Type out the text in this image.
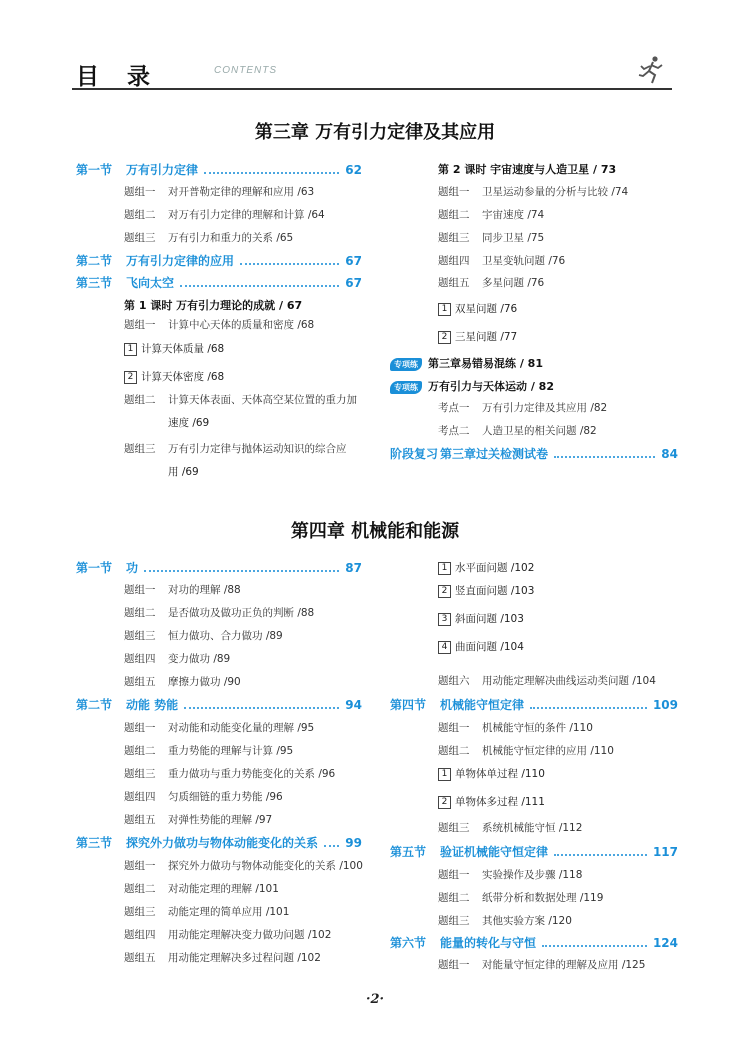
目 录	CONTENTS
第三章 万有引力定律及其应用
第一节	万有引力定律	62
题组一 对开普勒定律的理解和应用 /63
题组二 对万有引力定律的理解和计算 /64
题组三 万有引力和重力的关系 /65
第二节	万有引力定律的应用	67
第三节	飞向太空	67
第 1 课时 万有引力理论的成就 / 67
题组一 计算中心天体的质量和密度 /68
1 计算天体质量 /68
2 计算天体密度 /68
题组二 计算天体表面、天体高空某位置的重力加
速度 /69
题组三 万有引力定律与抛体运动知识的综合应
用 /69
第 2 课时 宇宙速度与人造卫星 / 73
题组一 卫星运动参量的分析与比较 /74
题组二 宇宙速度 /74
题组三 同步卫星 /75
题组四 卫星变轨问题 /76
题组五 多星问题 /76
1 双星问题 /76
2 三星问题 /77
专项练 第三章易错易混练 / 81
专项练 万有引力与天体运动 / 82
考点一 万有引力定律及其应用 /82
考点二 人造卫星的相关问题 /82
阶段复习 第三章过关检测试卷	84
第四章 机械能和能源
第一节	功	87
题组一 对功的理解 /88
题组二 是否做功及做功正负的判断 /88
题组三 恒力做功、合力做功 /89
题组四 变力做功 /89
题组五 摩擦力做功 /90
第二节	动能 势能	94
题组一 对动能和动能变化量的理解 /95
题组二 重力势能的理解与计算 /95
题组三 重力做功与重力势能变化的关系 /96
题组四 匀质细链的重力势能 /96
题组五 对弹性势能的理解 /97
第三节	探究外力做功与物体动能变化的关系 99
题组一 探究外力做功与物体动能变化的关系 /100
题组二 对动能定理的理解 /101
题组三 动能定理的简单应用 /101
题组四 用动能定理解决变力做功问题 /102
题组五 用动能定理解决多过程问题 /102
1 水平面问题 /102
2 竖直面问题 /103
3 斜面问题 /103
4 曲面问题 /104
题组六 用动能定理解决曲线运动类问题 /104
第四节	机械能守恒定律	109
题组一 机械能守恒的条件 /110
题组二 机械能守恒定律的应用 /110
1 单物体单过程 /110
2 单物体多过程 /111
题组三 系统机械能守恒 /112
第五节	验证机械能守恒定律	117
题组一 实验操作及步骤 /118
题组二 纸带分析和数据处理 /119
题组三 其他实验方案 /120
第六节	能量的转化与守恒	124
题组一 对能量守恒定律的理解及应用 /125
·2·
